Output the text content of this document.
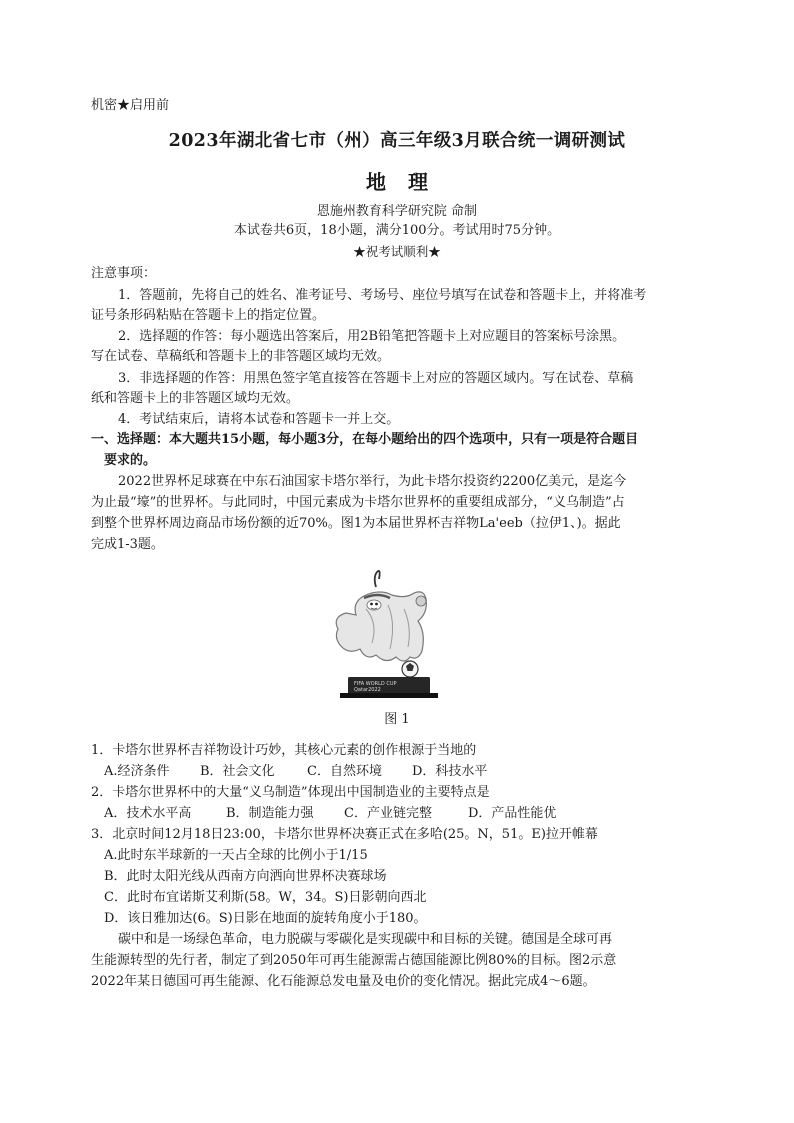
机密★启用前
2023年湖北省七市（州）高三年级3月联合统一调研测试
地理
恩施州教育科学研究院 命制
本试卷共6页，18小题，满分100分。考试用时75分钟。
★祝考试顺利★
注意事项：
1．答题前，先将自己的姓名、准考证号、考场号、座位号填写在试卷和答题卡上，并将准考
证号条形码粘贴在答题卡上的指定位置。
2．选择题的作答：每小题选出答案后，用2B铅笔把答题卡上对应题目的答案标号涂黑。
写在试卷、草稿纸和答题卡上的非答题区域均无效。
3．非选择题的作答：用黑色签字笔直接答在答题卡上对应的答题区域内。写在试卷、草稿
纸和答题卡上的非答题区域均无效。
4．考试结束后，请将本试卷和答题卡一并上交。
一、选择题：本大题共15小题，每小题3分，在每小题给出的四个选项中，只有一项是符合题目
要求的。
2022世界杯足球赛在中东石油国家卡塔尔举行，为此卡塔尔投资约2200亿美元，是迄今
为止最“壕”的世界杯。与此同时，中国元素成为卡塔尔世界杯的重要组成部分，“义乌制造”占
到整个世界杯周边商品市场份额的近70%。图1为本届世界杯吉祥物La'eeb（拉伊1、)。据此
完成1-3题。
FIFA WORLD CUP
Qatar2022
图 1
1．卡塔尔世界杯吉祥物设计巧妙，其核心元素的创作根源于当地的
A.经济条件 B．社会文化 C．自然环境 D．科技水平
2．卡塔尔世界杯中的大量“义乌制造”体现出中国制造业的主要特点是
A．技术水平高	B．制造能力强 C．产业链完整	D．产品性能优
3．北京时间12月18日23:00，卡塔尔世界杯决赛正式在多哈(25。N，51。E)拉开帷幕
A.此时东半球新的一天占全球的比例小于1/15
B．此时太阳光线从西南方向洒向世界杯决赛球场
C．此时布宜诺斯艾利斯(58。W，34。S)日影朝向西北
D．该日雅加达(6。S)日影在地面的旋转角度小于180。
碳中和是一场绿色革命，电力脱碳与零碳化是实现碳中和目标的关键。德国是全球可再
生能源转型的先行者，制定了到2050年可再生能源需占德国能源比例80%的目标。图2示意
2022年某日德国可再生能源、化石能源总发电量及电价的变化情况。据此完成4～6题。
